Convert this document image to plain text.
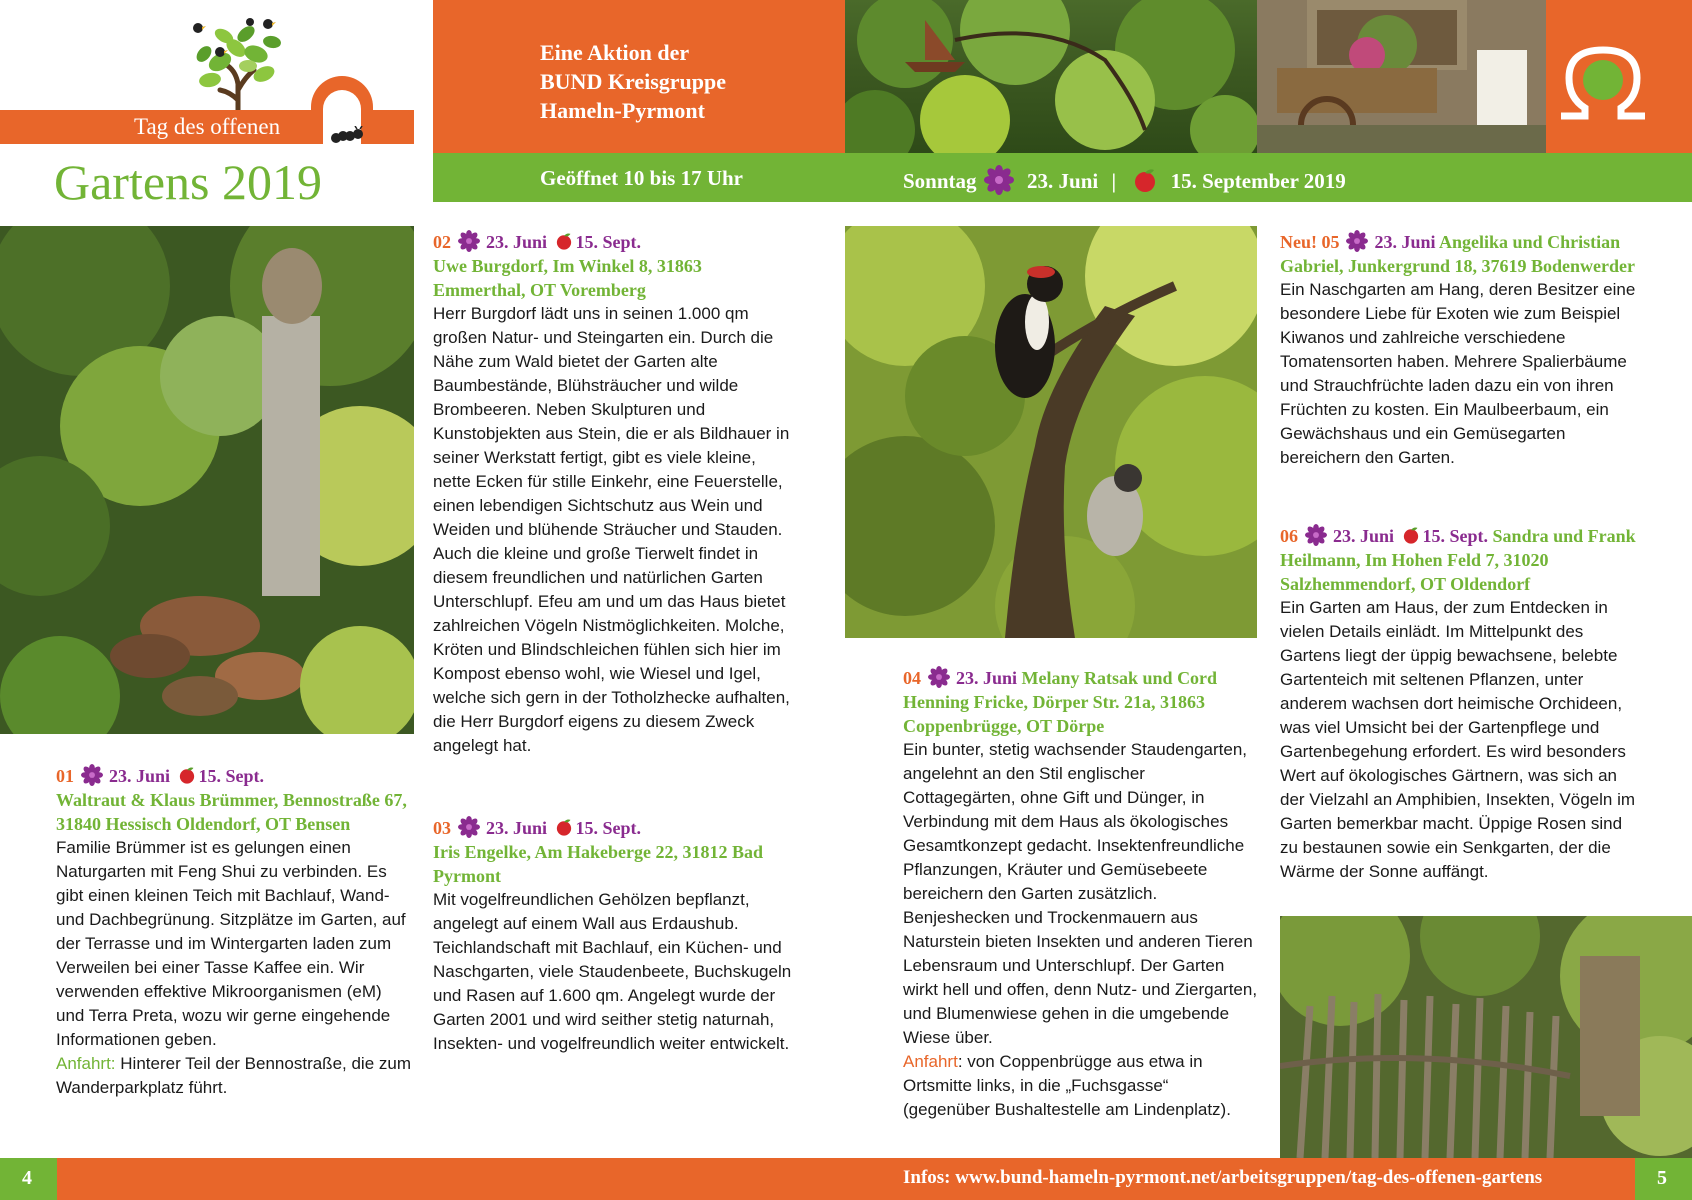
Tag des offenen
Gartens 2019
Eine Aktion der
BUND Kreisgruppe
Hameln-Pyrmont
Geöffnet 10 bis 17 Uhr	Sonntag 23. Juni |	15. September 2019
01 23. Juni 15. Sept.
Waltraut & Klaus Brümmer, Bennostraße 67, 31840 Hessisch Oldendorf, OT Bensen

Familie Brümmer ist es gelungen einen Naturgarten mit Feng Shui zu verbinden. Es gibt einen kleinen Teich mit Bachlauf, Wand- und Dachbegrünung. Sitzplätze im Garten, auf der Terrasse und im Wintergarten laden zum Verweilen bei einer Tasse Kaffee ein. Wir verwenden effektive Mikroorganismen (eM) und Terra Preta, wozu wir gerne eingehende Informationen geben.

Anfahrt: Hinterer Teil der Bennostraße, die zum Wanderparkplatz führt.

02 23. Juni 15. Sept.
Uwe Burgdorf, Im Winkel 8, 31863 Emmerthal, OT Voremberg

Herr Burgdorf lädt uns in seinen 1.000 qm großen Natur- und Steingarten ein. Durch die Nähe zum Wald bietet der Garten alte Baumbestände, Blühsträucher und wilde Brombeeren. Neben Skulpturen und Kunstobjekten aus Stein, die er als Bildhauer in seiner Werkstatt fertigt, gibt es viele kleine, nette Ecken für stille Einkehr, eine Feuerstelle, einen lebendigen Sichtschutz aus Wein und Weiden und blühende Sträucher und Stauden. Auch die kleine und große Tierwelt findet in diesem freundlichen und natürlichen Garten Unterschlupf. Efeu am und um das Haus bietet zahlreichen Vögeln Nistmöglichkeiten. Molche, Kröten und Blindschleichen fühlen sich hier im Kompost ebenso wohl, wie Wiesel und Igel, welche sich gern in der Totholzhecke aufhalten, die Herr Burgdorf eigens zu diesem Zweck angelegt hat.

03 23. Juni 15. Sept.
Iris Engelke, Am Hakeberge 22, 31812 Bad Pyrmont

Mit vogelfreundlichen Gehölzen bepflanzt, angelegt auf einem Wall aus Erdaushub. Teichlandschaft mit Bachlauf, ein Küchen- und Naschgarten, viele Staudenbeete, Buchskugeln und Rasen auf 1.600 qm. Angelegt wurde der Garten 2001 und wird seither stetig naturnah, Insekten- und vogelfreundlich weiter entwickelt.

04 23. Juni Melany Ratsak und Cord Henning Fricke, Dörper Str. 21a, 31863 Coppenbrügge, OT Dörpe

Ein bunter, stetig wachsender Staudengarten, angelehnt an den Stil englischer Cottagegärten, ohne Gift und Dünger, in Verbindung mit dem Haus als ökologisches Gesamtkonzept gedacht. Insektenfreundliche Pflanzungen, Kräuter und Gemüsebeete bereichern den Garten zusätzlich. Benjeshecken und Trockenmauern aus Naturstein bieten Insekten und anderen Tieren Lebensraum und Unterschlupf. Der Garten wirkt hell und offen, denn Nutz- und Ziergarten, und Blumenwiese gehen in die umgebende Wiese über.

Anfahrt: von Coppenbrügge aus etwa in Ortsmitte links, in die „Fuchsgasse“ (gegenüber Bushaltestelle am Lindenplatz).

Neu! 05 23. Juni Angelika und Christian Gabriel, Junkergrund 18, 37619 Bodenwerder

Ein Naschgarten am Hang, deren Besitzer eine besondere Liebe für Exoten wie zum Beispiel Kiwanos und zahlreiche verschiedene Tomatensorten haben. Mehrere Spalierbäume und Strauchfrüchte laden dazu ein von ihren Früchten zu kosten. Ein Maulbeerbaum, ein Gewächshaus und ein Gemüsegarten bereichern den Garten.

06 23. Juni 15. Sept. Sandra und Frank Heilmann, Im Hohen Feld 7, 31020 Salzhemmendorf, OT Oldendorf

Ein Garten am Haus, der zum Entdecken in vielen Details einlädt. Im Mittelpunkt des Gartens liegt der üppig bewachsene, belebte Gartenteich mit seltenen Pflanzen, unter anderem wachsen dort heimische Orchideen, was viel Umsicht bei der Gartenpflege und Gartenbegehung erfordert. Es wird besonders Wert auf ökologisches Gärtnern, was sich an der Vielzahl an Amphibien, Insekten, Vögeln im Garten bemerkbar macht. Üppige Rosen sind zu bestaunen sowie ein Senkgarten, der die Wärme der Sonne auffängt.

4	Infos: www.bund-hameln-pyrmont.net/arbeitsgruppen/tag-des-offenen-gartens	5
